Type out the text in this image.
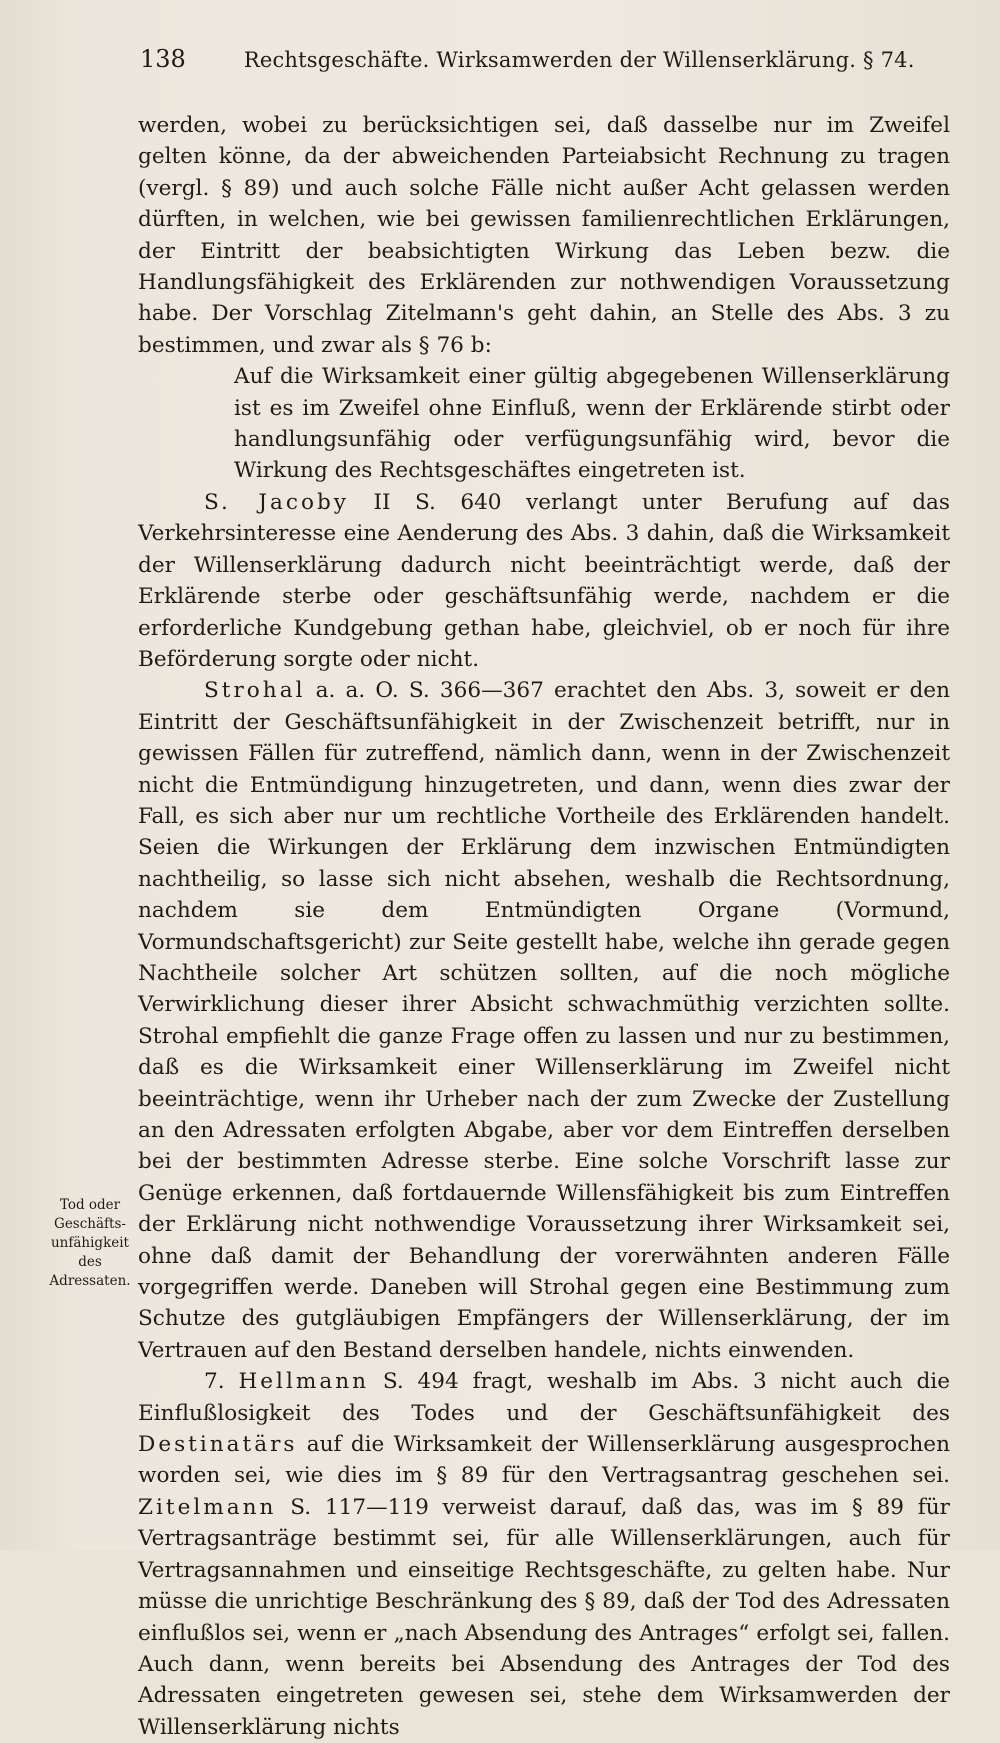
138	Rechtsgeschäfte. Wirksamwerden der Willenserklärung. § 74.
Tod oder Geschäfts-unfähigkeit des Adressaten.

werden, wobei zu berücksichtigen sei, daß dasselbe nur im Zweifel gelten könne, da der abweichenden Parteiabsicht Rechnung zu tragen (vergl. § 89) und auch solche Fälle nicht außer Acht gelassen werden dürften, in welchen, wie bei gewissen familienrechtlichen Erklärungen, der Eintritt der beabsichtigten Wirkung das Leben bezw. die Handlungsfähigkeit des Erklärenden zur nothwendigen Voraussetzung habe. Der Vorschlag Zitelmann's geht dahin, an Stelle des Abs. 3 zu bestimmen, und zwar als § 76 b:

Auf die Wirksamkeit einer gültig abgegebenen Willenserklärung ist es im Zweifel ohne Einfluß, wenn der Erklärende stirbt oder handlungsunfähig oder verfügungsunfähig wird, bevor die Wirkung des Rechtsgeschäftes eingetreten ist.

S. Jacoby II S. 640 verlangt unter Berufung auf das Verkehrsinteresse eine Aenderung des Abs. 3 dahin, daß die Wirksamkeit der Willenserklärung dadurch nicht beeinträchtigt werde, daß der Erklärende sterbe oder geschäftsunfähig werde, nachdem er die erforderliche Kundgebung gethan habe, gleichviel, ob er noch für ihre Beförderung sorgte oder nicht.

Strohal a. a. O. S. 366—367 erachtet den Abs. 3, soweit er den Eintritt der Geschäftsunfähigkeit in der Zwischenzeit betrifft, nur in gewissen Fällen für zutreffend, nämlich dann, wenn in der Zwischenzeit nicht die Entmündigung hinzugetreten, und dann, wenn dies zwar der Fall, es sich aber nur um rechtliche Vortheile des Erklärenden handelt. Seien die Wirkungen der Erklärung dem inzwischen Entmündigten nachtheilig, so lasse sich nicht absehen, weshalb die Rechtsordnung, nachdem sie dem Entmündigten Organe (Vormund, Vormundschaftsgericht) zur Seite gestellt habe, welche ihn gerade gegen Nachtheile solcher Art schützen sollten, auf die noch mögliche Verwirklichung dieser ihrer Absicht schwachmüthig verzichten sollte. Strohal empfiehlt die ganze Frage offen zu lassen und nur zu bestimmen, daß es die Wirksamkeit einer Willenserklärung im Zweifel nicht beeinträchtige, wenn ihr Urheber nach der zum Zwecke der Zustellung an den Adressaten erfolgten Abgabe, aber vor dem Eintreffen derselben bei der bestimmten Adresse sterbe. Eine solche Vorschrift lasse zur Genüge erkennen, daß fortdauernde Willensfähigkeit bis zum Eintreffen der Erklärung nicht nothwendige Voraussetzung ihrer Wirksamkeit sei, ohne daß damit der Behandlung der vorerwähnten anderen Fälle vorgegriffen werde. Daneben will Strohal gegen eine Bestimmung zum Schutze des gutgläubigen Empfängers der Willenserklärung, der im Vertrauen auf den Bestand derselben handele, nichts einwenden.

7. Hellmann S. 494 fragt, weshalb im Abs. 3 nicht auch die Einflußlosigkeit des Todes und der Geschäftsunfähigkeit des Destinatärs auf die Wirksamkeit der Willenserklärung ausgesprochen worden sei, wie dies im § 89 für den Vertragsantrag geschehen sei. Zitelmann S. 117—119 verweist darauf, daß das, was im § 89 für Vertragsanträge bestimmt sei, für alle Willenserklärungen, auch für Vertragsannahmen und einseitige Rechtsgeschäfte, zu gelten habe. Nur müsse die unrichtige Beschränkung des § 89, daß der Tod des Adressaten einflußlos sei, wenn er „nach Absendung des Antrages“ erfolgt sei, fallen. Auch dann, wenn bereits bei Absendung des Antrages der Tod des Adressaten eingetreten gewesen sei, stehe dem Wirksamwerden der Willenserklärung nichts
